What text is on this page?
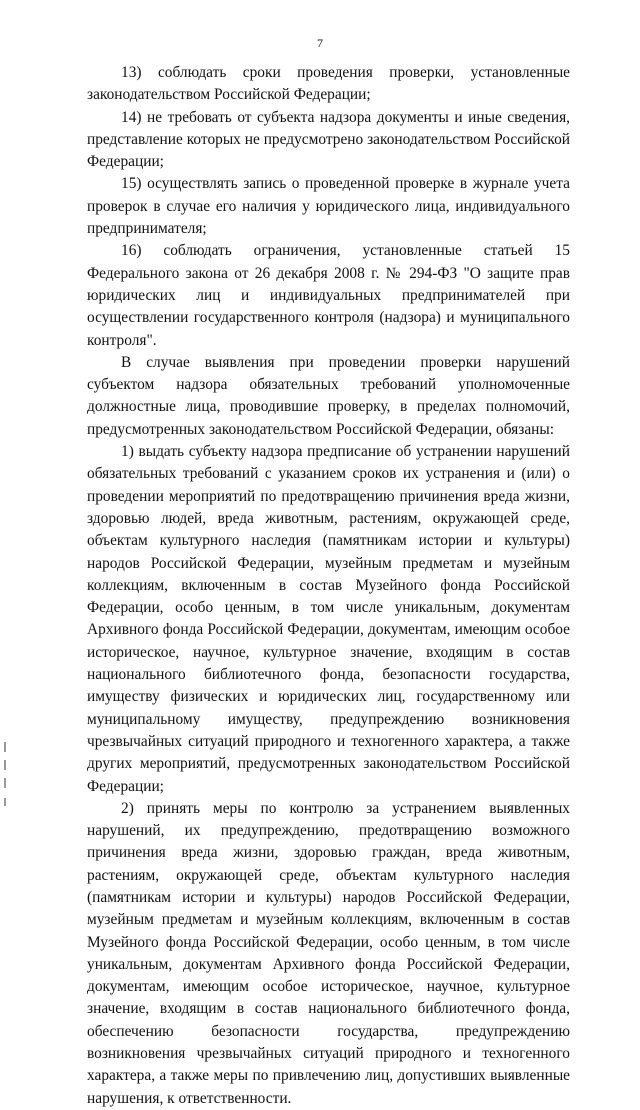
7

13) соблюдать сроки проведения проверки, установленные законодательством Российской Федерации;

14) не требовать от субъекта надзора документы и иные сведения, представление которых не предусмотрено законодательством Российской Федерации;

15) осуществлять запись о проведенной проверке в журнале учета проверок в случае его наличия у юридического лица, индивидуального предпринимателя;

16) соблюдать ограничения, установленные статьей 15 Федерального закона от 26 декабря 2008 г. № 294-ФЗ "О защите прав юридических лиц и индивидуальных предпринимателей при осуществлении государственного контроля (надзора) и муниципального контроля".

В случае выявления при проведении проверки нарушений субъектом надзора обязательных требований уполномоченные должностные лица, проводившие проверку, в пределах полномочий, предусмотренных законодательством Российской Федерации, обязаны:

1) выдать субъекту надзора предписание об устранении нарушений обязательных требований с указанием сроков их устранения и (или) о проведении мероприятий по предотвращению причинения вреда жизни, здоровью людей, вреда животным, растениям, окружающей среде, объектам культурного наследия (памятникам истории и культуры) народов Российской Федерации, музейным предметам и музейным коллекциям, включенным в состав Музейного фонда Российской Федерации, особо ценным, в том числе уникальным, документам Архивного фонда Российской Федерации, документам, имеющим особое историческое, научное, культурное значение, входящим в состав национального библиотечного фонда, безопасности государства, имуществу физических и юридических лиц, государственному или муниципальному имуществу, предупреждению возникновения чрезвычайных ситуаций природного и техногенного характера, а также других мероприятий, предусмотренных законодательством Российской Федерации;

2) принять меры по контролю за устранением выявленных нарушений, их предупреждению, предотвращению возможного причинения вреда жизни, здоровью граждан, вреда животным, растениям, окружающей среде, объектам культурного наследия (памятникам истории и культуры) народов Российской Федерации, музейным предметам и музейным коллекциям, включенным в состав Музейного фонда Российской Федерации, особо ценным, в том числе уникальным, документам Архивного фонда Российской Федерации, документам, имеющим особое историческое, научное, культурное значение, входящим в состав национального библиотечного фонда, обеспечению безопасности государства, предупреждению возникновения чрезвычайных ситуаций природного и техногенного характера, а также меры по привлечению лиц, допустивших выявленные нарушения, к ответственности.
